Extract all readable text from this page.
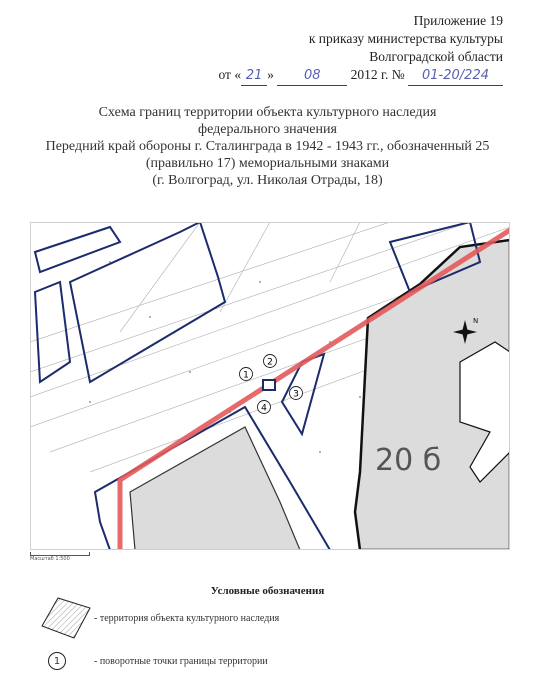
Приложение 19
к приказу министерства культуры
Волгоградской области
от « 21 » 08 2012 г. № 01-20/224
Схема границ территории объекта культурного наследия
федерального значения
Передний край обороны г. Сталинграда в 1942 - 1943 гг., обозначенный 25
(правильно 17) мемориальными знаками
(г. Волгоград, ул. Николая Отрады, 18)
1
2
3
4
N
20 б
Масштаб 1:500
Условные обозначения
- территория объекта культурного наследия
1	- поворотные точки границы территории
